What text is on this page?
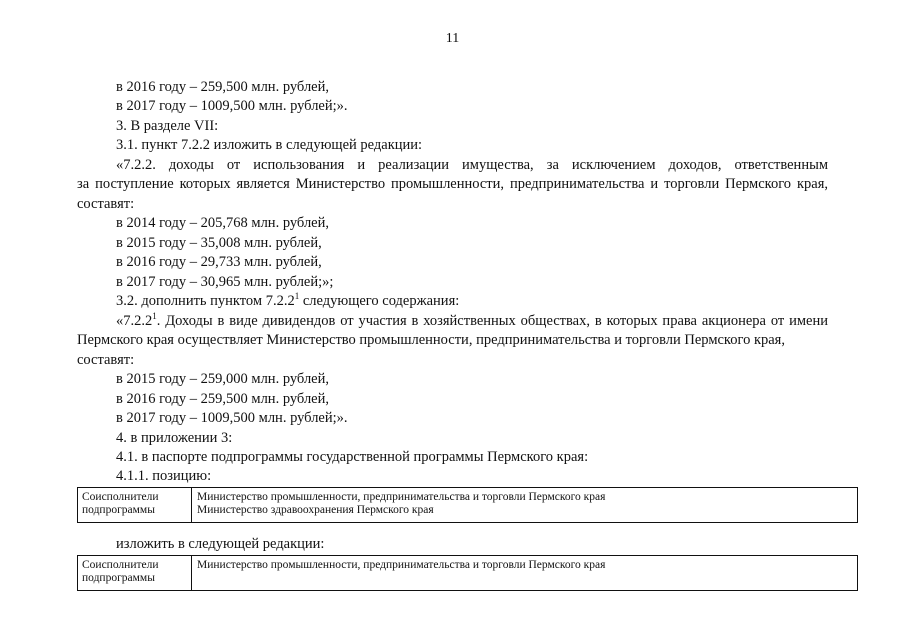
11
в 2016 году – 259,500 млн. рублей,
в 2017 году – 1009,500 млн. рублей;».
3. В разделе VII:
3.1. пункт 7.2.2 изложить в следующей редакции:
«7.2.2. доходы от использования и реализации имущества, за исключением доходов, ответственным
за поступление которых является Министерство промышленности, предпринимательства и торговли Пермского края,
составят:
в 2014 году – 205,768 млн. рублей,
в 2015 году – 35,008 млн. рублей,
в 2016 году – 29,733 млн. рублей,
в 2017 году – 30,965 млн. рублей;»;
3.2. дополнить пунктом 7.2.2$^1$ следующего содержания:
«7.2.2$^1$. Доходы в виде дивидендов от участия в хозяйственных обществах, в которых права акционера от имени
Пермского края осуществляет Министерство промышленности, предпринимательства и торговли Пермского края,
составят:
в 2015 году – 259,000 млн. рублей,
в 2016 году – 259,500 млн. рублей,
в 2017 году – 1009,500 млн. рублей;».
4. в приложении 3:
4.1. в паспорте подпрограммы государственной программы Пермского края:
4.1.1. позицию:
Соисполнители
подпрограммы
Министерство промышленности, предпринимательства и торговли Пермского края
Министерство здравоохранения Пермского края
изложить в следующей редакции:
Соисполнители
подпрограммы
Министерство промышленности, предпринимательства и торговли Пермского края
